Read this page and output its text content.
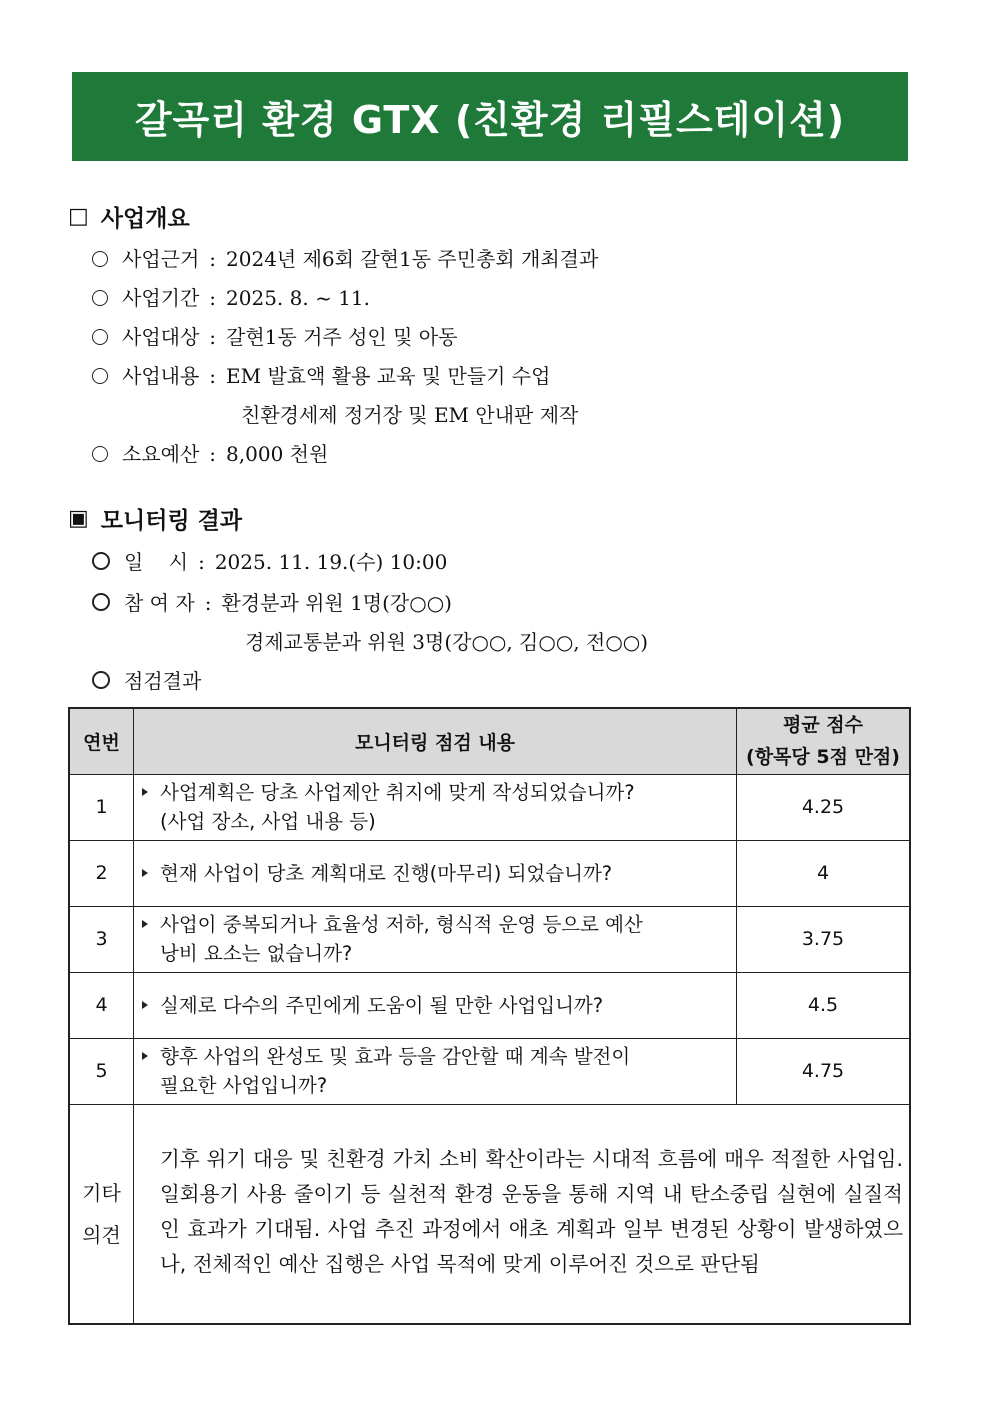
갈곡리 환경 GTX (친환경 리필스테이션)
□ 사업개요
사업근거 : 2024년 제6회 갈현1동 주민총회 개최결과
사업기간 : 2025. 8. ~ 11.
사업대상 : 갈현1동 거주 성인 및 아동
사업내용 : EM 발효액 활용 교육 및 만들기 수업
친환경세제 정거장 및 EM 안내판 제작
소요예산 : 8,000 천원
▣ 모니터링 결과
일    시 : 2025. 11. 19.(수) 10:00
참 여 자 : 환경분과 위원 1명(강○○)
경제교통분과 위원 3명(강○○, 김○○, 전○○)
점검결과
연번	모니터링 점검 내용	평균 점수
(항목당 5점 만점)

1	사업계획은 당초 사업제안 취지에 맞게 작성되었습니까?
(사업 장소, 사업 내용 등)	4.25
2	현재 사업이 당초 계획대로 진행(마무리) 되었습니까?	4
3	사업이 중복되거나 효율성 저하, 형식적 운영 등으로 예산
낭비 요소는 없습니까?	3.75
4	실제로 다수의 주민에게 도움이 될 만한 사업입니까?	4.5
5	향후 사업의 완성도 및 효과 등을 감안할 때 계속 발전이
필요한 사업입니까?	4.75

기타
의견	기후 위기 대응 및 친환경 가치 소비 확산이라는 시대적 흐름에 매우 적절한 사업임. 일회용기 사용 줄이기 등 실천적 환경 운동을 통해 지역 내 탄소중립 실현에 실질적인 효과가 기대됨. 사업 추진 과정에서 애초 계획과 일부 변경된 상황이 발생하였으나, 전체적인 예산 집행은 사업 목적에 맞게 이루어진 것으로 판단됨	
